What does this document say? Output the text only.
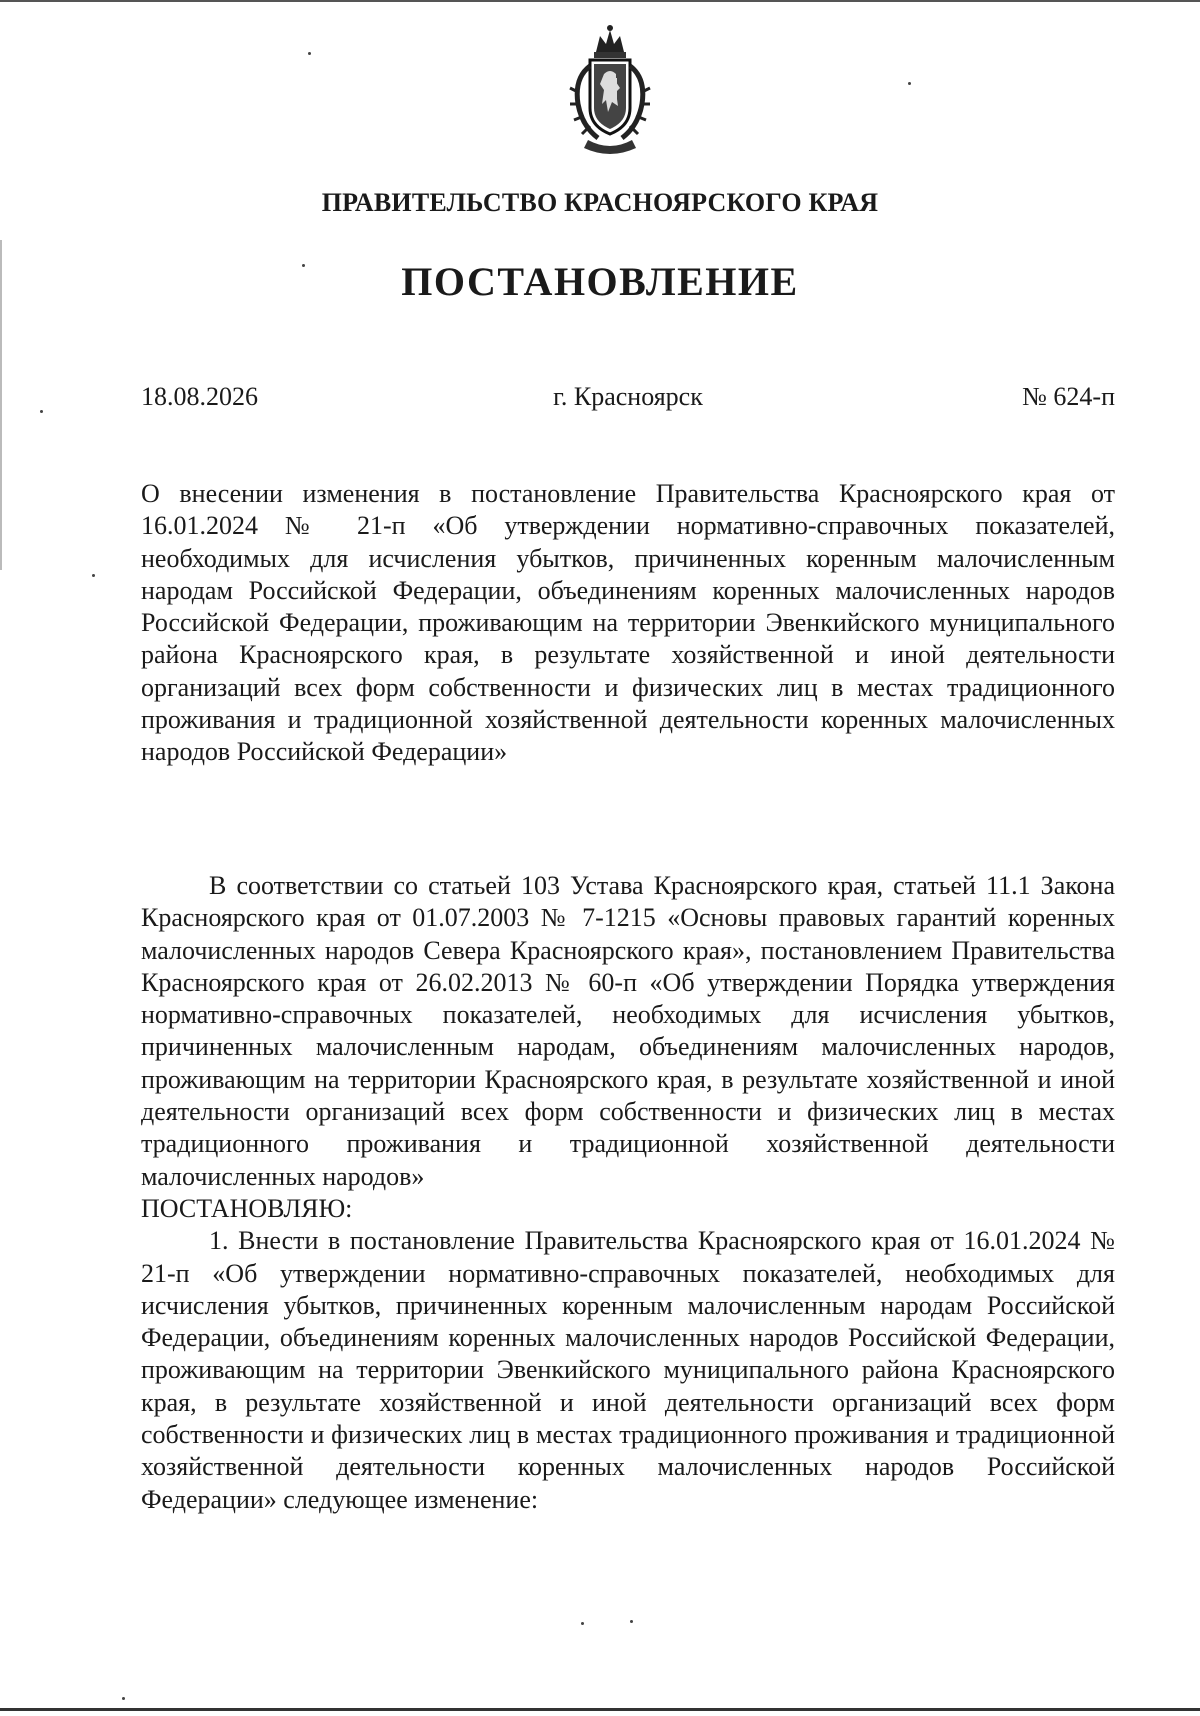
ПРАВИТЕЛЬСТВО КРАСНОЯРСКОГО КРАЯ
ПОСТАНОВЛЕНИЕ
18.08.2026	г. Красноярск	№ 624-п
О внесении изменения в постановление Правительства Красноярского края от 16.01.2024 № 21-п «Об утверждении нормативно-справочных показателей, необходимых для исчисления убытков, причиненных коренным малочисленным народам Российской Федерации, объединениям коренных малочисленных народов Российской Федерации, проживающим на территории Эвенкийского муниципального района Красноярского края, в результате хозяйственной и иной деятельности организаций всех форм собственности и физических лиц в местах традиционного проживания и традиционной хозяйственной деятельности коренных малочисленных народов Российской Федерации»

В соответствии со статьей 103 Устава Красноярского края, статьей 11.1 Закона Красноярского края от 01.07.2003 № 7-1215 «Основы правовых гарантий коренных малочисленных народов Севера Красноярского края», постановлением Правительства Красноярского края от 26.02.2013 № 60-п «Об утверждении Порядка утверждения нормативно-справочных показателей, необходимых для исчисления убытков, причиненных малочисленным народам, объединениям малочисленных народов, проживающим на территории Красноярского края, в результате хозяйственной и иной деятельности организаций всех форм собственности и физических лиц в местах традиционного проживания и традиционной хозяйственной деятельности малочисленных народов»

ПОСТАНОВЛЯЮ:

1. Внести в постановление Правительства Красноярского края от 16.01.2024 № 21-п «Об утверждении нормативно-справочных показателей, необходимых для исчисления убытков, причиненных коренным малочисленным народам Российской Федерации, объединениям коренных малочисленных народов Российской Федерации, проживающим на территории Эвенкийского муниципального района Красноярского края, в результате хозяйственной и иной деятельности организаций всех форм собственности и физических лиц в местах традиционного проживания и традиционной хозяйственной деятельности коренных малочисленных народов Российской Федерации» следующее изменение:
